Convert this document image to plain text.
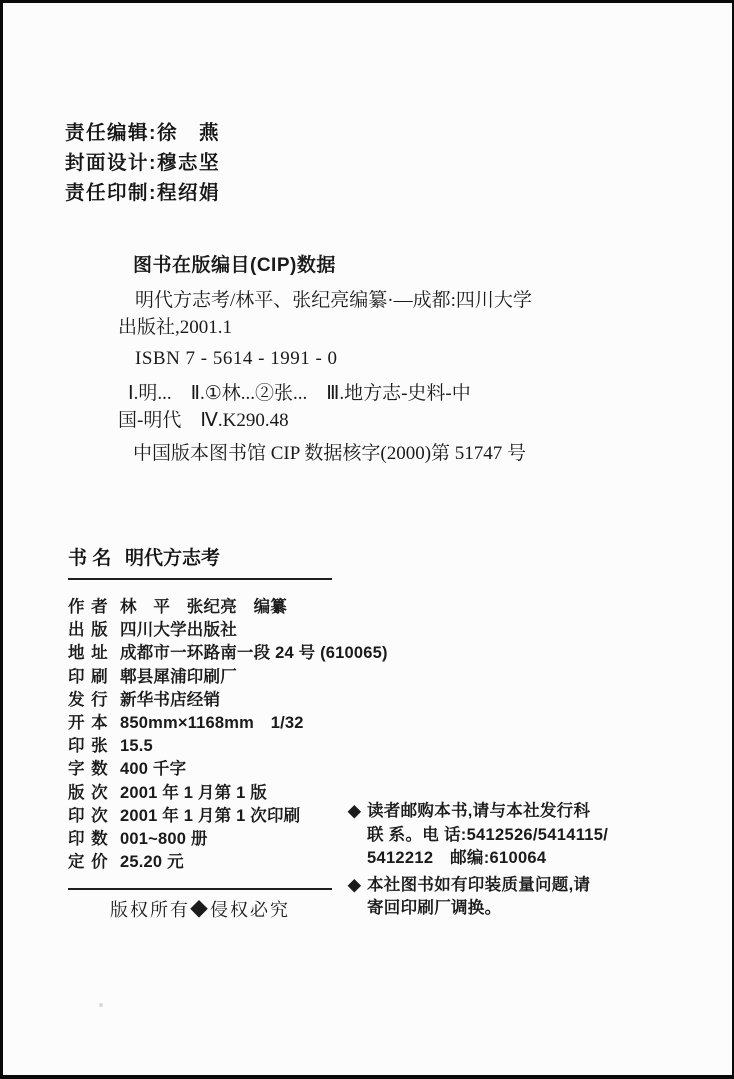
责任编辑:徐　燕
封面设计:穆志坚
责任印制:程绍娟
图书在版编目(CIP)数据
明代方志考/林平、张纪亮编纂·—成都:四川大学
出版社,2001.1
ISBN 7 - 5614 - 1991 - 0
Ⅰ.明...　Ⅱ.①林...②张...　Ⅲ.地方志-史料-中
国-明代　Ⅳ.K290.48
中国版本图书馆 CIP 数据核字(2000)第 51747 号
书 名 明代方志考
作 者 林　平　张纪亮　编纂
出 版 四川大学出版社
地 址 成都市一环路南一段 24 号 (610065)
印 刷 郫县犀浦印刷厂
发 行 新华书店经销
开 本 850mm×1168mm　1/32
印 张 15.5
字 数 400 千字
版 次 2001 年 1 月第 1 版
印 次 2001 年 1 月第 1 次印刷
印 数 001~800 册
定 价 25.20 元
版权所有◆侵权必究
◆ 读者邮购本书,请与本社发行科
联 系。电 话:5412526/5414115/
5412212　邮编:610064
◆ 本社图书如有印装质量问题,请
寄回印刷厂调换。
